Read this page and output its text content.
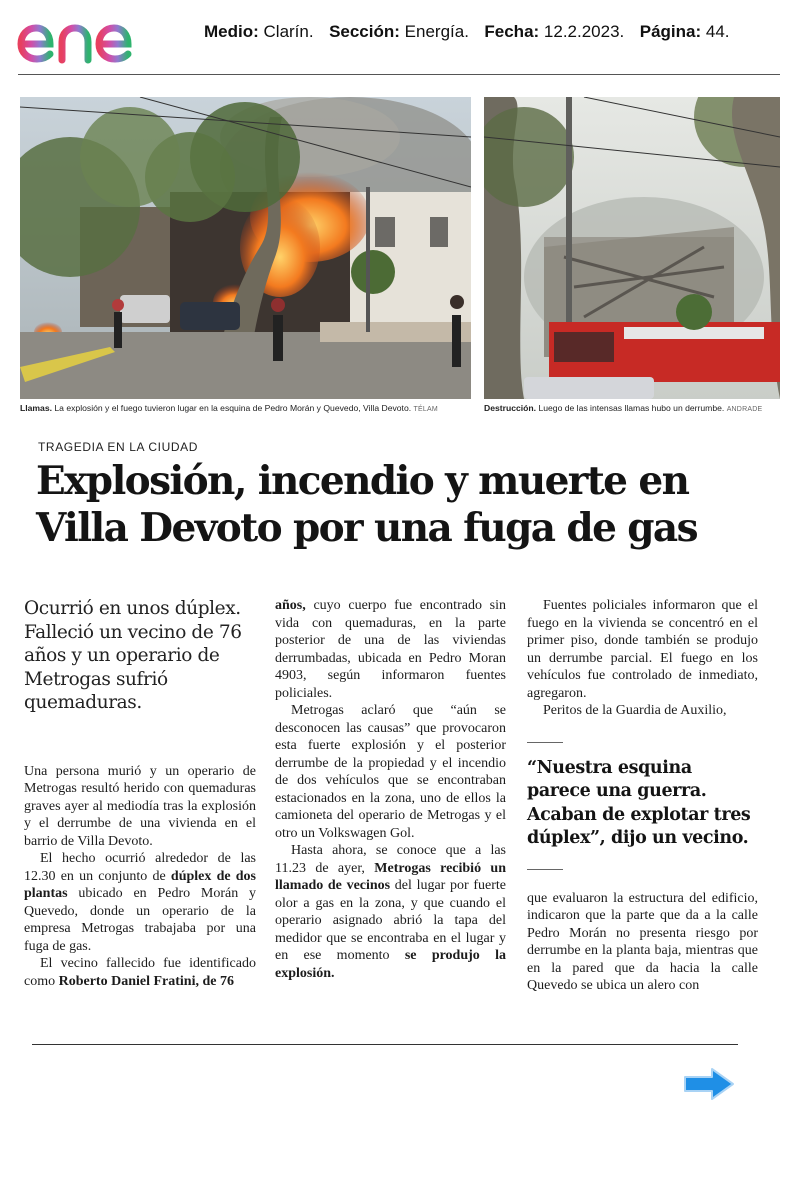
enel
Medio: Clarín. Sección: Energía. Fecha: 12.2.2023. Página: 44.
Llamas. La explosión y el fuego tuvieron lugar en la esquina de Pedro Morán y Quevedo, Villa Devoto. TÉLAM	Destrucción. Luego de las intensas llamas hubo un derrumbe. ANDRADE
TRAGEDIA EN LA CIUDAD
Explosión, incendio y muerte en
Villa Devoto por una fuga de gas

Ocurrió en unos dúplex. Falleció un vecino de 76 años y un operario de Metrogas sufrió quemaduras.

Una persona murió y un operario de Metrogas resultó herido con quemaduras graves ayer al mediodía tras la explosión y el derrumbe de una vivienda en el barrio de Villa Devoto.

El hecho ocurrió alrededor de las 12.30 en un conjunto de dúplex de dos plantas ubicado en Pedro Morán y Quevedo, donde un operario de la empresa Metrogas trabajaba por una fuga de gas.

El vecino fallecido fue identificado como Roberto Daniel Fratini, de 76

años, cuyo cuerpo fue encontrado sin vida con quemaduras, en la parte posterior de una de las viviendas derrumbadas, ubicada en Pedro Moran 4903, según informaron fuentes policiales.

Metrogas aclaró que “aún se desconocen las causas” que provocaron esta fuerte explosión y el posterior derrumbe de la propiedad y el incendio de dos vehículos que se encontraban estacionados en la zona, uno de ellos la camioneta del operario de Metrogas y el otro un Volkswagen Gol.

Hasta ahora, se conoce que a las 11.23 de ayer, Metrogas recibió un llamado de vecinos del lugar por fuerte olor a gas en la zona, y que cuando el operario asignado abrió la tapa del medidor que se encontraba en el lugar y en ese momento se produjo la explosión.

Fuentes policiales informaron que el fuego en la vivienda se concentró en el primer piso, donde también se produjo un derrumbe parcial. El fuego en los vehículos fue controlado de inmediato, agregaron.

Peritos de la Guardia de Auxilio,

“Nuestra esquina parece una guerra. Acaban de explotar tres dúplex”, dijo un vecino.

que evaluaron la estructura del edificio, indicaron que la parte que da a la calle Pedro Morán no presenta riesgo por derrumbe en la planta baja, mientras que en la pared que da hacia la calle Quevedo se ubica un alero con
